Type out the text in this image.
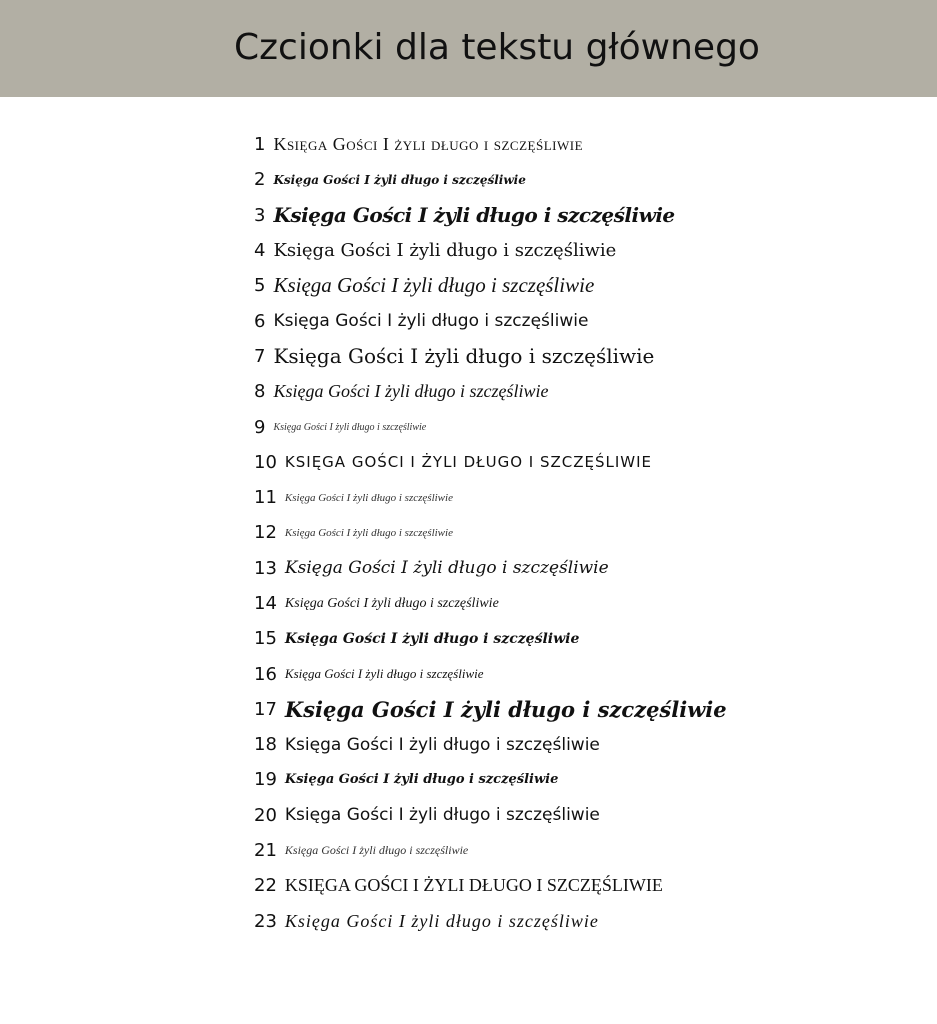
Czcionki dla tekstu głównego
1 Księga Gości I żyli długo i szczęśliwie
2 Księga Gości I żyli długo i szczęśliwie
3 Księga Gości I żyli długo i szczęśliwie
4 Księga Gości I żyli długo i szczęśliwie
5 Księga Gości I żyli długo i szczęśliwie
6 Księga Gości I żyli długo i szczęśliwie
7 Księga Gości I żyli długo i szczęśliwie
8 Księga Gości I żyli długo i szczęśliwie
9 Księga Gości I żyli długo i szczęśliwie
10 KSIĘGA GOŚCI I ŻYLI DŁUGO I SZCZĘŚLIWIE
11 Księga Gości I żyli długo i szczęśliwie
12 Księga Gości I żyli długo i szczęśliwie
13 Księga Gości I żyli długo i szczęśliwie
14 Księga Gości I żyli długo i szczęśliwie
15 Księga Gości I żyli długo i szczęśliwie
16 Księga Gości I żyli długo i szczęśliwie
17 Księga Gości I żyli długo i szczęśliwie
18 Księga Gości I żyli długo i szczęśliwie
19 Księga Gości I żyli długo i szczęśliwie
20 Księga Gości I żyli długo i szczęśliwie
21 Księga Gości I żyli długo i szczęśliwie
22 KSIĘGA GOŚCI I ŻYLI DŁUGO I SZCZĘŚLIWIE
23 Księga Gości I żyli długo i szczęśliwie
